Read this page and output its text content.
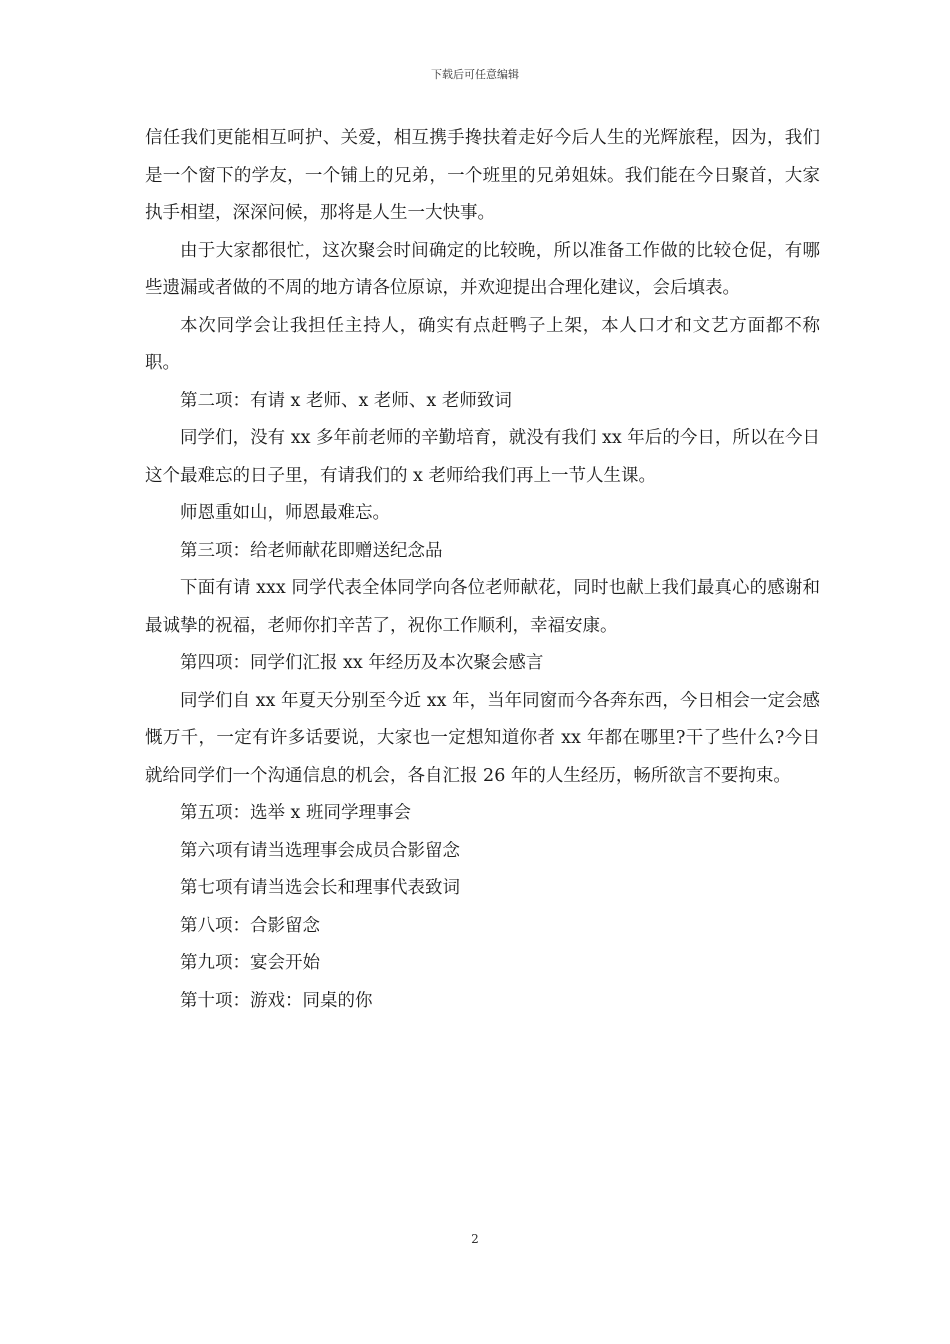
下载后可任意编辑

信任我们更能相互呵护、关爱，相互携手搀扶着走好今后人生的光辉旅程，因为，我们是一个窗下的学友，一个铺上的兄弟，一个班里的兄弟姐妹。我们能在今日聚首，大家执手相望，深深问候，那将是人生一大快事。

由于大家都很忙，这次聚会时间确定的比较晚，所以准备工作做的比较仓促，有哪些遗漏或者做的不周的地方请各位原谅，并欢迎提出合理化建议，会后填表。

本次同学会让我担任主持人，确实有点赶鸭子上架，本人口才和文艺方面都不称职。

第二项：有请 x 老师、x 老师、x 老师致词

同学们，没有 xx 多年前老师的辛勤培育，就没有我们 xx 年后的今日，所以在今日这个最难忘的日子里，有请我们的 x 老师给我们再上一节人生课。

师恩重如山，师恩最难忘。

第三项：给老师献花即赠送纪念品

下面有请 xxx 同学代表全体同学向各位老师献花，同时也献上我们最真心的感谢和最诚挚的祝福，老师你扪辛苦了，祝你工作顺利，幸福安康。

第四项：同学们汇报 xx 年经历及本次聚会感言

同学们自 xx 年夏天分别至今近 xx 年，当年同窗而今各奔东西，今日相会一定会感慨万千，一定有许多话要说，大家也一定想知道你者 xx 年都在哪里?干了些什么?今日就给同学们一个沟通信息的机会，各自汇报 26 年的人生经历，畅所欲言不要拘束。

第五项：选举 x 班同学理事会

第六项有请当选理事会成员合影留念

第七项有请当选会长和理事代表致词

第八项：合影留念

第九项：宴会开始

第十项：游戏：同桌的你

2
